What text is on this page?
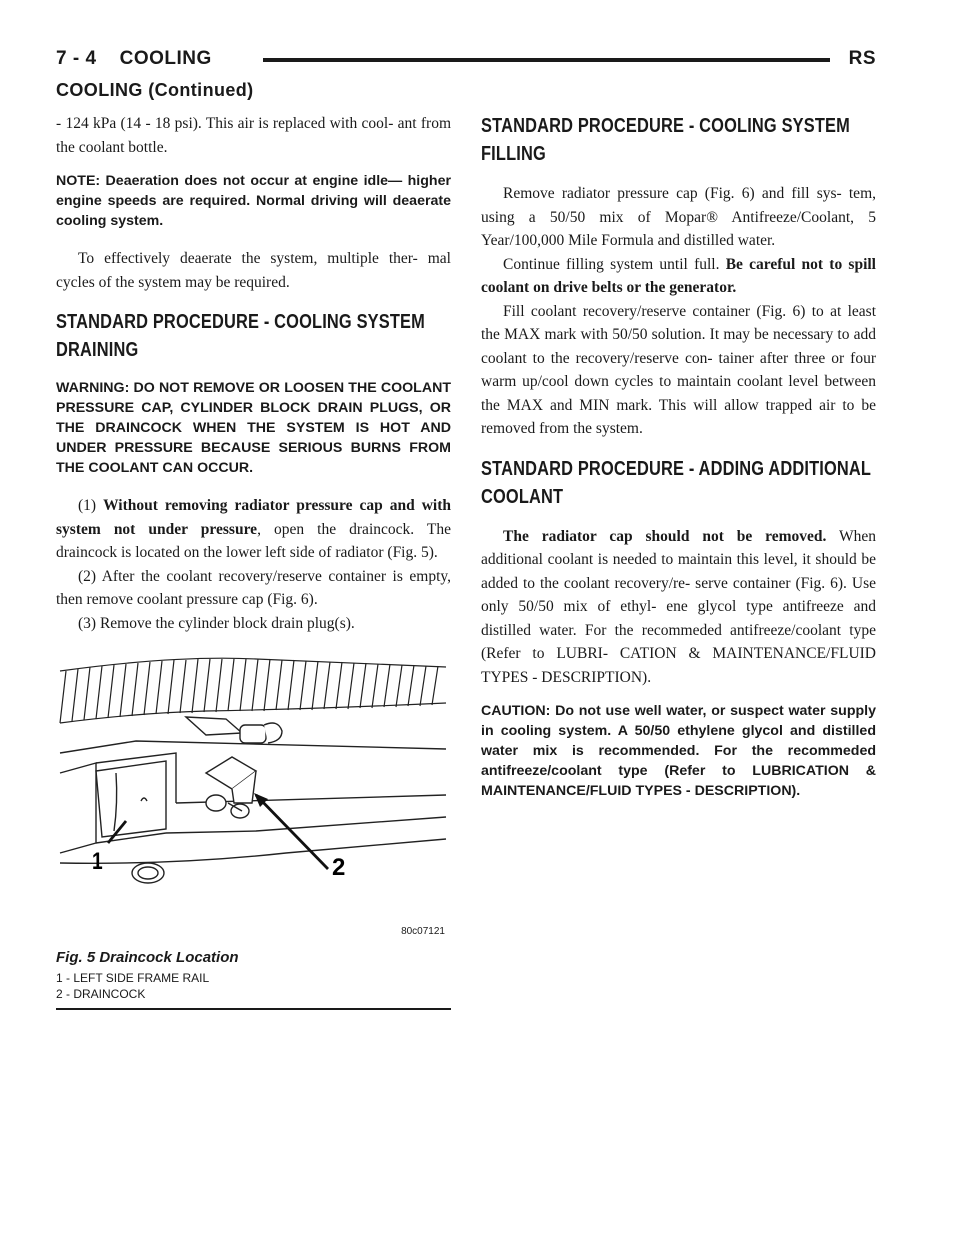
7 - 4    COOLING	RS
COOLING (Continued)

- 124 kPa (14 - 18 psi). This air is replaced with cool- ant from the coolant bottle.

NOTE: Deaeration does not occur at engine idle— higher engine speeds are required. Normal driving will deaerate cooling system.

To effectively deaerate the system, multiple ther- mal cycles of the system may be required.

STANDARD PROCEDURE - COOLING SYSTEM DRAINING
WARNING: DO NOT REMOVE OR LOOSEN THE COOLANT PRESSURE CAP, CYLINDER BLOCK DRAIN PLUGS, OR THE DRAINCOCK WHEN THE SYSTEM IS HOT AND UNDER PRESSURE BECAUSE SERIOUS BURNS FROM THE COOLANT CAN OCCUR.

(1) Without removing radiator pressure cap and with system not under pressure, open the draincock. The draincock is located on the lower left side of radiator (Fig. 5).

(2) After the coolant recovery/reserve container is empty, then remove coolant pressure cap (Fig. 6).

(3) Remove the cylinder block drain plug(s).

1	2
80c07121
Fig. 5 Draincock Location
1 - LEFT SIDE FRAME RAIL
2 - DRAINCOCK
STANDARD PROCEDURE - COOLING SYSTEM FILLING

Remove radiator pressure cap (Fig. 6) and fill sys- tem, using a 50/50 mix of Mopar® Antifreeze/Coolant, 5 Year/100,000 Mile Formula and distilled water.

Continue filling system until full. Be careful not to spill coolant on drive belts or the generator.

Fill coolant recovery/reserve container (Fig. 6) to at least the MAX mark with 50/50 solution. It may be necessary to add coolant to the recovery/reserve con- tainer after three or four warm up/cool down cycles to maintain coolant level between the MAX and MIN mark. This will allow trapped air to be removed from the system.

STANDARD PROCEDURE - ADDING ADDITIONAL COOLANT

The radiator cap should not be removed. When additional coolant is needed to maintain this level, it should be added to the coolant recovery/re- serve container (Fig. 6). Use only 50/50 mix of ethyl- ene glycol type antifreeze and distilled water. For the recommeded antifreeze/coolant type (Refer to LUBRI- CATION & MAINTENANCE/FLUID TYPES - DESCRIPTION).

CAUTION: Do not use well water, or suspect water supply in cooling system. A 50/50 ethylene glycol and distilled water mix is recommended. For the recommeded antifreeze/coolant type (Refer to LUBRICATION & MAINTENANCE/FLUID TYPES - DESCRIPTION).
